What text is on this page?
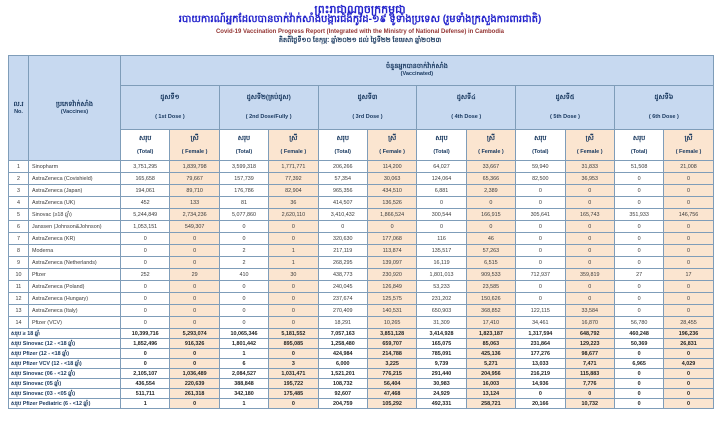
ព្រះរាជាណាចក្រកម្ពុជា
របាយការណ៍អ្នកដែលបានចាក់វ៉ាក់សាំងបង្ការជំងឺកូវីដ-១៩ ទូទាំងប្រទេស (រួមទាំងក្រសួងការពារជាតិ)
Covid-19 Vaccination Progress Report (Integrated with the Ministry of National Defense) in Cambodia
គិតពីថ្ងៃទី១០ ខែកុម្ភៈ ឆ្នាំ២០២១ ដល់ ថ្ងៃទី២២ ខែមេសា ឆ្នាំ២០២៣
ល.រ
No.

ប្រភេទវ៉ាក់សាំង
(Vaccines)

ចំនួនអ្នកបានចាក់វ៉ាក់សាំង
(Vaccinated)

ដូសទី១
( 1st Dose )

ដូសទី២(គ្រប់ដូស)
( 2nd Dose/Fully )

ដូសទី៣
( 3rd Dose )

ដូសទី៤
( 4th Dose )

ដូសទី៥
( 5th Dose )

ដូសទី៦
( 6th Dose )

សរុប
(Total)

ស្រី
( Female )

សរុប
(Total)

ស្រី
( Female )

សរុប
(Total)

ស្រី
( Female )

សរុប
(Total)

ស្រី
( Female )

សរុប
(Total)

ស្រី
( Female )

សរុប
(Total)

ស្រី
( Female )

1	Sinopharm	3,751,295	1,839,798	3,599,318	1,771,771	206,266	114,200	64,027	33,667	59,940	31,833	51,508	21,008
2	AstraZeneca (Covishield)	165,658	79,667	157,739	77,392	57,354	30,063	124,064	65,366	82,500	36,953	0	0
3	AstraZeneca (Japan)	194,061	89,710	176,786	82,904	965,356	434,510	6,881	2,389	0	0	0	0
4	AstraZeneca (UK)	452	133	81	36	414,507	136,526	0	0	0	0	0	0
5	Sinovac (≥18 ឆ្នាំ)	5,244,849	2,734,236	5,077,860	2,620,110	3,410,432	1,866,524	300,544	166,915	305,641	165,743	351,933	146,756
6	Janssen (Johnson&Johnson)	1,053,151	549,307	0	0	0	0	0	0	0	0	0	0
7	AstraZeneca (KR)	0	0	0	0	320,630	177,068	116	46	0	0	0	0
8	Moderna	0	0	2	1	217,119	113,874	135,517	57,263	0	0	0	0
9	AstraZeneca (Netherlands)	0	0	2	1	268,295	139,097	16,119	6,515	0	0	0	0
10	Pfizer	252	29	410	30	438,773	230,920	1,801,013	909,533	712,937	359,819	27	17
11	AstraZeneca (Poland)	0	0	0	0	240,045	126,849	53,233	23,585	0	0	0	0
12	AstraZeneca (Hungary)	0	0	0	0	237,674	125,575	231,202	150,626	0	0	0	0
13	AstraZeneca (Italy)	0	0	0	0	270,409	140,531	650,903	368,852	122,115	33,584	0	0
14	Pfizer (VCV)	0	0	0	0	18,291	10,265	31,309	17,410	34,461	16,870	56,780	28,455
សរុប ≥ 18 ឆ្នាំ		10,399,716	5,293,074	10,065,346	5,181,552	7,057,163	3,851,128	3,414,928	1,823,187	1,317,594	648,792	460,248	196,236
សរុប Sinovac (12 - <18 ឆ្នាំ)		1,852,496	916,326	1,801,442	895,085	1,258,480	659,707	165,075	85,063	231,864	129,223	50,369	26,831
សរុប Pfizer (12 - <18 ឆ្នាំ)		0	0	1	0	424,984	214,788	785,091	425,136	177,276	98,677	0	0
សរុប Pfizer VCV (12 - <18 ឆ្នាំ)		0	0	6	3	6,000	3,225	9,739	5,271	13,033	7,471	6,965	4,029
សរុប Sinovac (06 - <12 ឆ្នាំ)		2,105,107	1,036,489	2,084,527	1,031,471	1,521,201	776,215	291,440	204,956	216,219	115,883	0	0
សរុប Sinovac (05 ឆ្នាំ)		436,554	220,639	388,848	195,722	108,732	56,404	30,983	16,003	14,936	7,776	0	0
សរុប Sinovac (03 - <05 ឆ្នាំ)		511,711	261,318	342,180	175,485	92,607	47,468	24,929	13,124	0	0	0	0
សរុប Pfizer Pediatric (6 - <12 ឆ្នាំ)		1	0	1	0	204,759	105,292	492,331	258,721	20,166	10,732	0	0
